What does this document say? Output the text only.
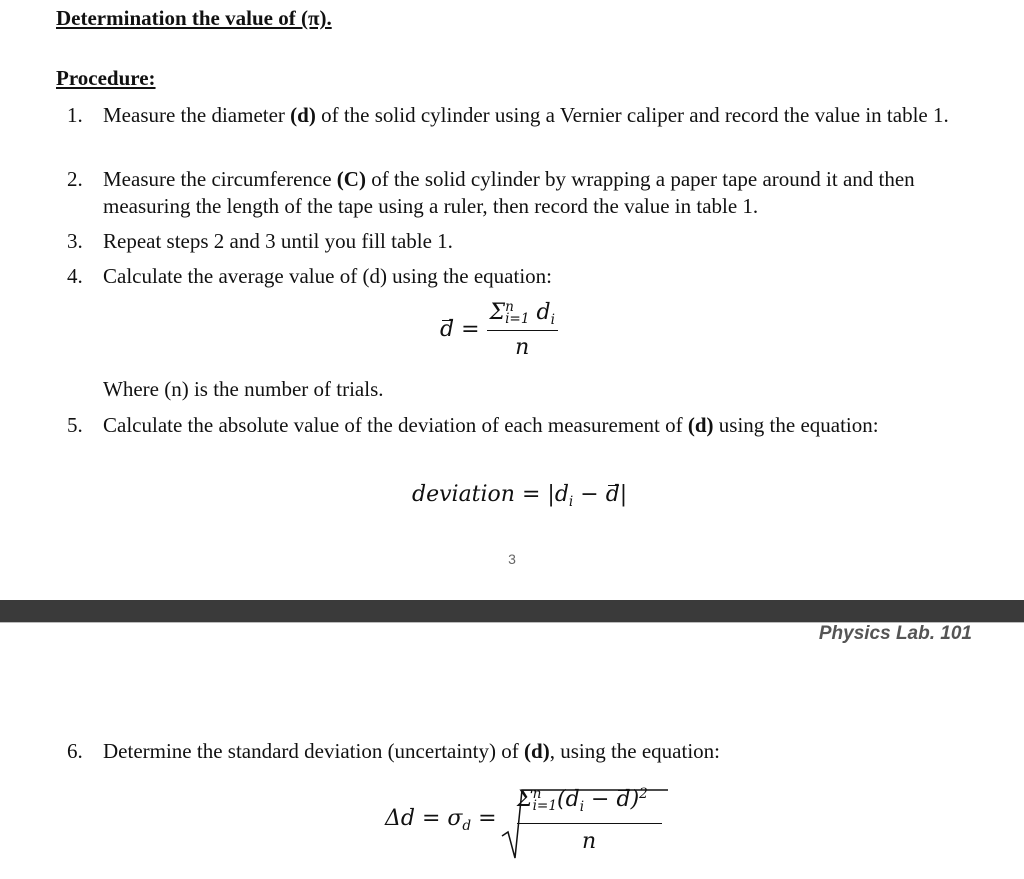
Determination the value of (π).
Procedure:
1. Measure the diameter (d) of the solid cylinder using a Vernier caliper and record the value in table 1.
2. Measure the circumference (C) of the solid cylinder by wrapping a paper tape around it and then measuring the length of the tape using a ruler, then record the value in table 1.
3. Repeat steps 2 and 3 until you fill table 1.
4. Calculate the average value of (d) using the equation:
d =
Σn
i=1 $d_i$
n
Where (n) is the number of trials.
5. Calculate the absolute value of the deviation of each measurement of (d) using the equation:
deviation = $|d_i - d|$
3
Physics Lab. 101
6. Determine the standard deviation (uncertainty) of (d), using the equation:
$\Delta d = \sigma_d$ =
Σn
$i=1(d_i - d)^2$
n
